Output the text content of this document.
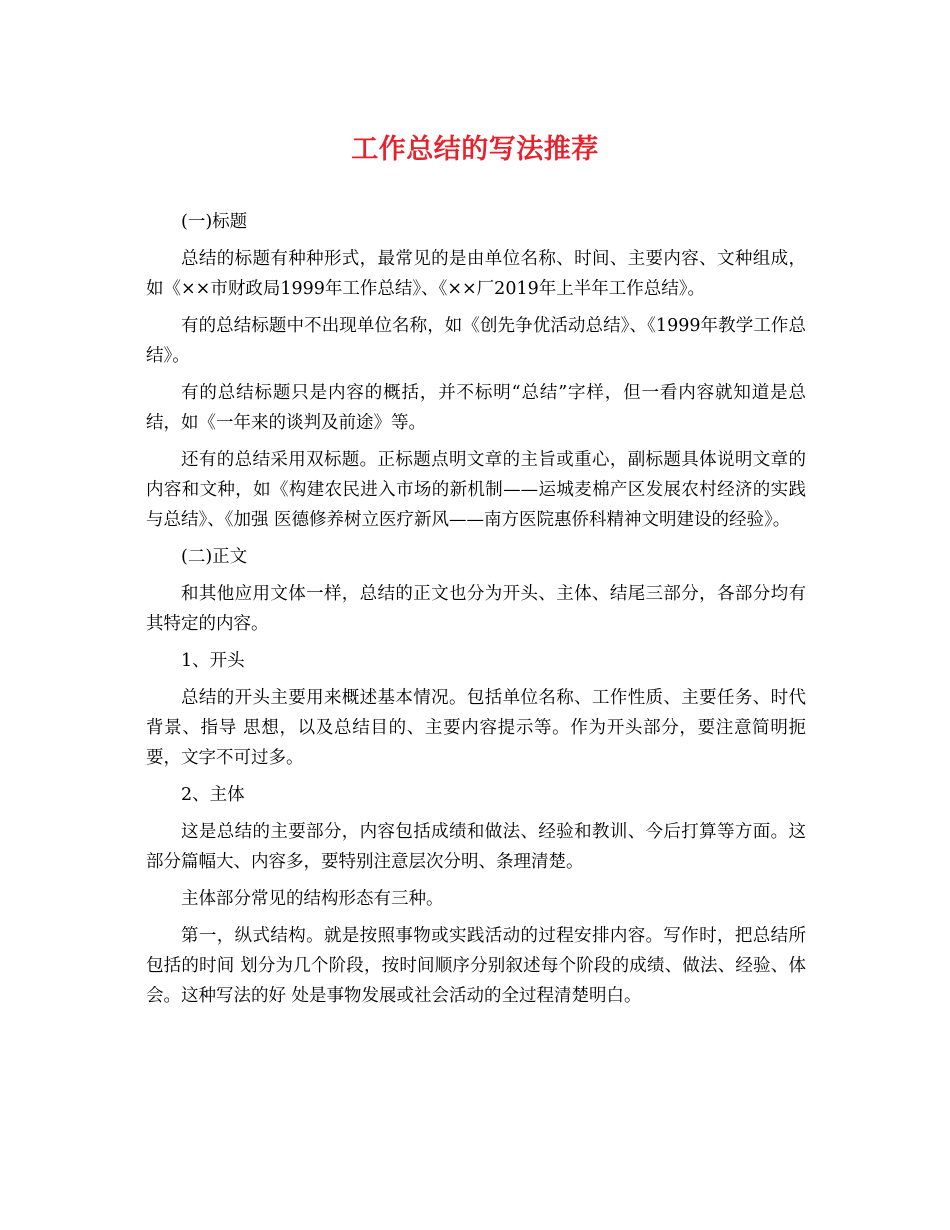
工作总结的写法推荐

(一)标题

总结的标题有种种形式，最常见的是由单位名称、时间、主要内容、文种组成，如《××市财政局1999年工作总结》、《××厂2019年上半年工作总结》。

有的总结标题中不出现单位名称，如《创先争优活动总结》、《1999年教学工作总结》。

有的总结标题只是内容的概括，并不标明“总结”字样，但一看内容就知道是总结，如《一年来的谈判及前途》等。

还有的总结采用双标题。正标题点明文章的主旨或重心，副标题具体说明文章的内容和文种，如《构建农民进入市场的新机制——运城麦棉产区发展农村经济的实践与总结》、《加强 医德修养树立医疗新风——南方医院惠侨科精神文明建设的经验》。

(二)正文

和其他应用文体一样，总结的正文也分为开头、主体、结尾三部分，各部分均有其特定的内容。

1、开头

总结的开头主要用来概述基本情况。包括单位名称、工作性质、主要任务、时代背景、指导 思想，以及总结目的、主要内容提示等。作为开头部分，要注意简明扼要，文字不可过多。

2、主体

这是总结的主要部分，内容包括成绩和做法、经验和教训、今后打算等方面。这部分篇幅大、内容多，要特别注意层次分明、条理清楚。

主体部分常见的结构形态有三种。

第一，纵式结构。就是按照事物或实践活动的过程安排内容。写作时，把总结所包括的时间 划分为几个阶段，按时间顺序分别叙述每个阶段的成绩、做法、经验、体会。这种写法的好 处是事物发展或社会活动的全过程清楚明白。
